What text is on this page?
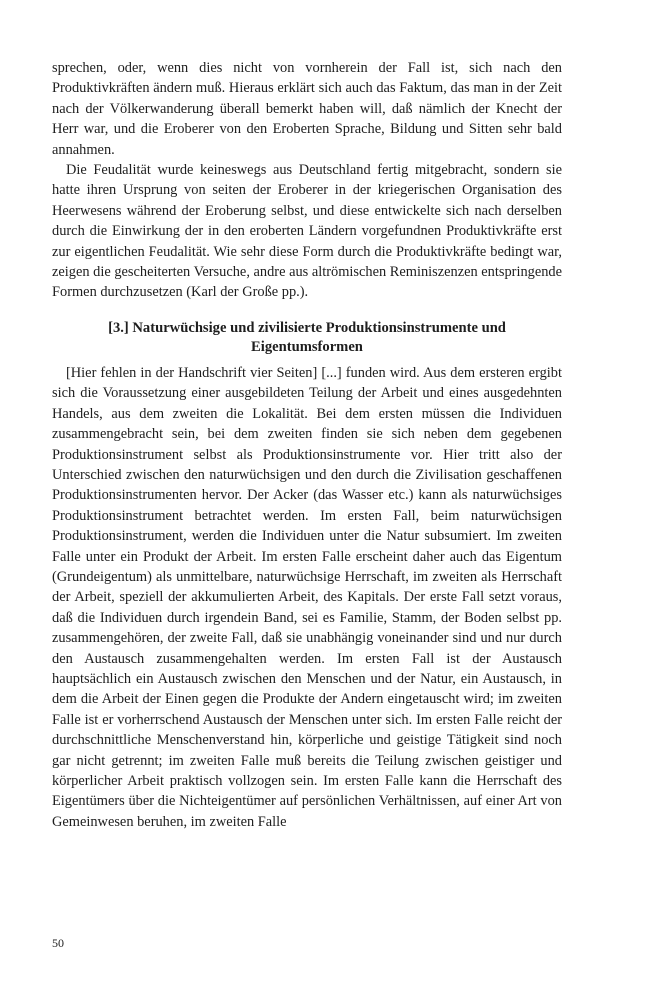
sprechen, oder, wenn dies nicht von vornherein der Fall ist, sich nach den Produktivkräften ändern muß. Hieraus erklärt sich auch das Faktum, das man in der Zeit nach der Völkerwanderung überall bemerkt haben will, daß nämlich der Knecht der Herr war, und die Eroberer von den Eroberten Sprache, Bildung und Sitten sehr bald annahmen.

Die Feudalität wurde keineswegs aus Deutschland fertig mitgebracht, sondern sie hatte ihren Ursprung von seiten der Eroberer in der kriegerischen Organisation des Heerwesens während der Eroberung selbst, und diese entwickelte sich nach derselben durch die Einwirkung der in den eroberten Ländern vorgefundnen Produktivkräfte erst zur eigentlichen Feudalität. Wie sehr diese Form durch die Produktivkräfte bedingt war, zeigen die gescheiterten Versuche, andre aus altrömischen Reminiszenzen entspringende Formen durchzusetzen (Karl der Große pp.).

[3.] Naturwüchsige und zivilisierte Produktionsinstrumente und
Eigentumsformen

[Hier fehlen in der Handschrift vier Seiten] [...] funden wird. Aus dem ersteren ergibt sich die Voraussetzung einer ausgebildeten Teilung der Arbeit und eines ausgedehnten Handels, aus dem zweiten die Lokalität. Bei dem ersten müssen die Individuen zusammengebracht sein, bei dem zweiten finden sie sich neben dem gegebenen Produktionsinstrument selbst als Produktionsinstrumente vor. Hier tritt also der Unterschied zwischen den naturwüchsigen und den durch die Zivilisation geschaffenen Produktionsinstrumenten hervor. Der Acker (das Wasser etc.) kann als naturwüchsiges Produktionsinstrument betrachtet werden. Im ersten Fall, beim naturwüchsigen Produktionsinstrument, werden die Individuen unter die Natur subsumiert. Im zweiten Falle unter ein Produkt der Arbeit. Im ersten Falle erscheint daher auch das Eigentum (Grundeigentum) als unmittelbare, naturwüchsige Herrschaft, im zweiten als Herrschaft der Arbeit, speziell der akkumulierten Arbeit, des Kapitals. Der erste Fall setzt voraus, daß die Individuen durch irgendein Band, sei es Familie, Stamm, der Boden selbst pp. zusammengehören, der zweite Fall, daß sie unabhängig voneinander sind und nur durch den Austausch zusammengehalten werden. Im ersten Fall ist der Austausch hauptsächlich ein Austausch zwischen den Menschen und der Natur, ein Austausch, in dem die Arbeit der Einen gegen die Produkte der Andern eingetauscht wird; im zweiten Falle ist er vorherrschend Austausch der Menschen unter sich. Im ersten Falle reicht der durchschnittliche Menschenverstand hin, körperliche und geistige Tätigkeit sind noch gar nicht getrennt; im zweiten Falle muß bereits die Teilung zwischen geistiger und körperlicher Arbeit praktisch vollzogen sein. Im ersten Falle kann die Herrschaft des Eigentümers über die Nichteigentümer auf persönlichen Verhältnissen, auf einer Art von Gemeinwesen beruhen, im zweiten Falle

50
